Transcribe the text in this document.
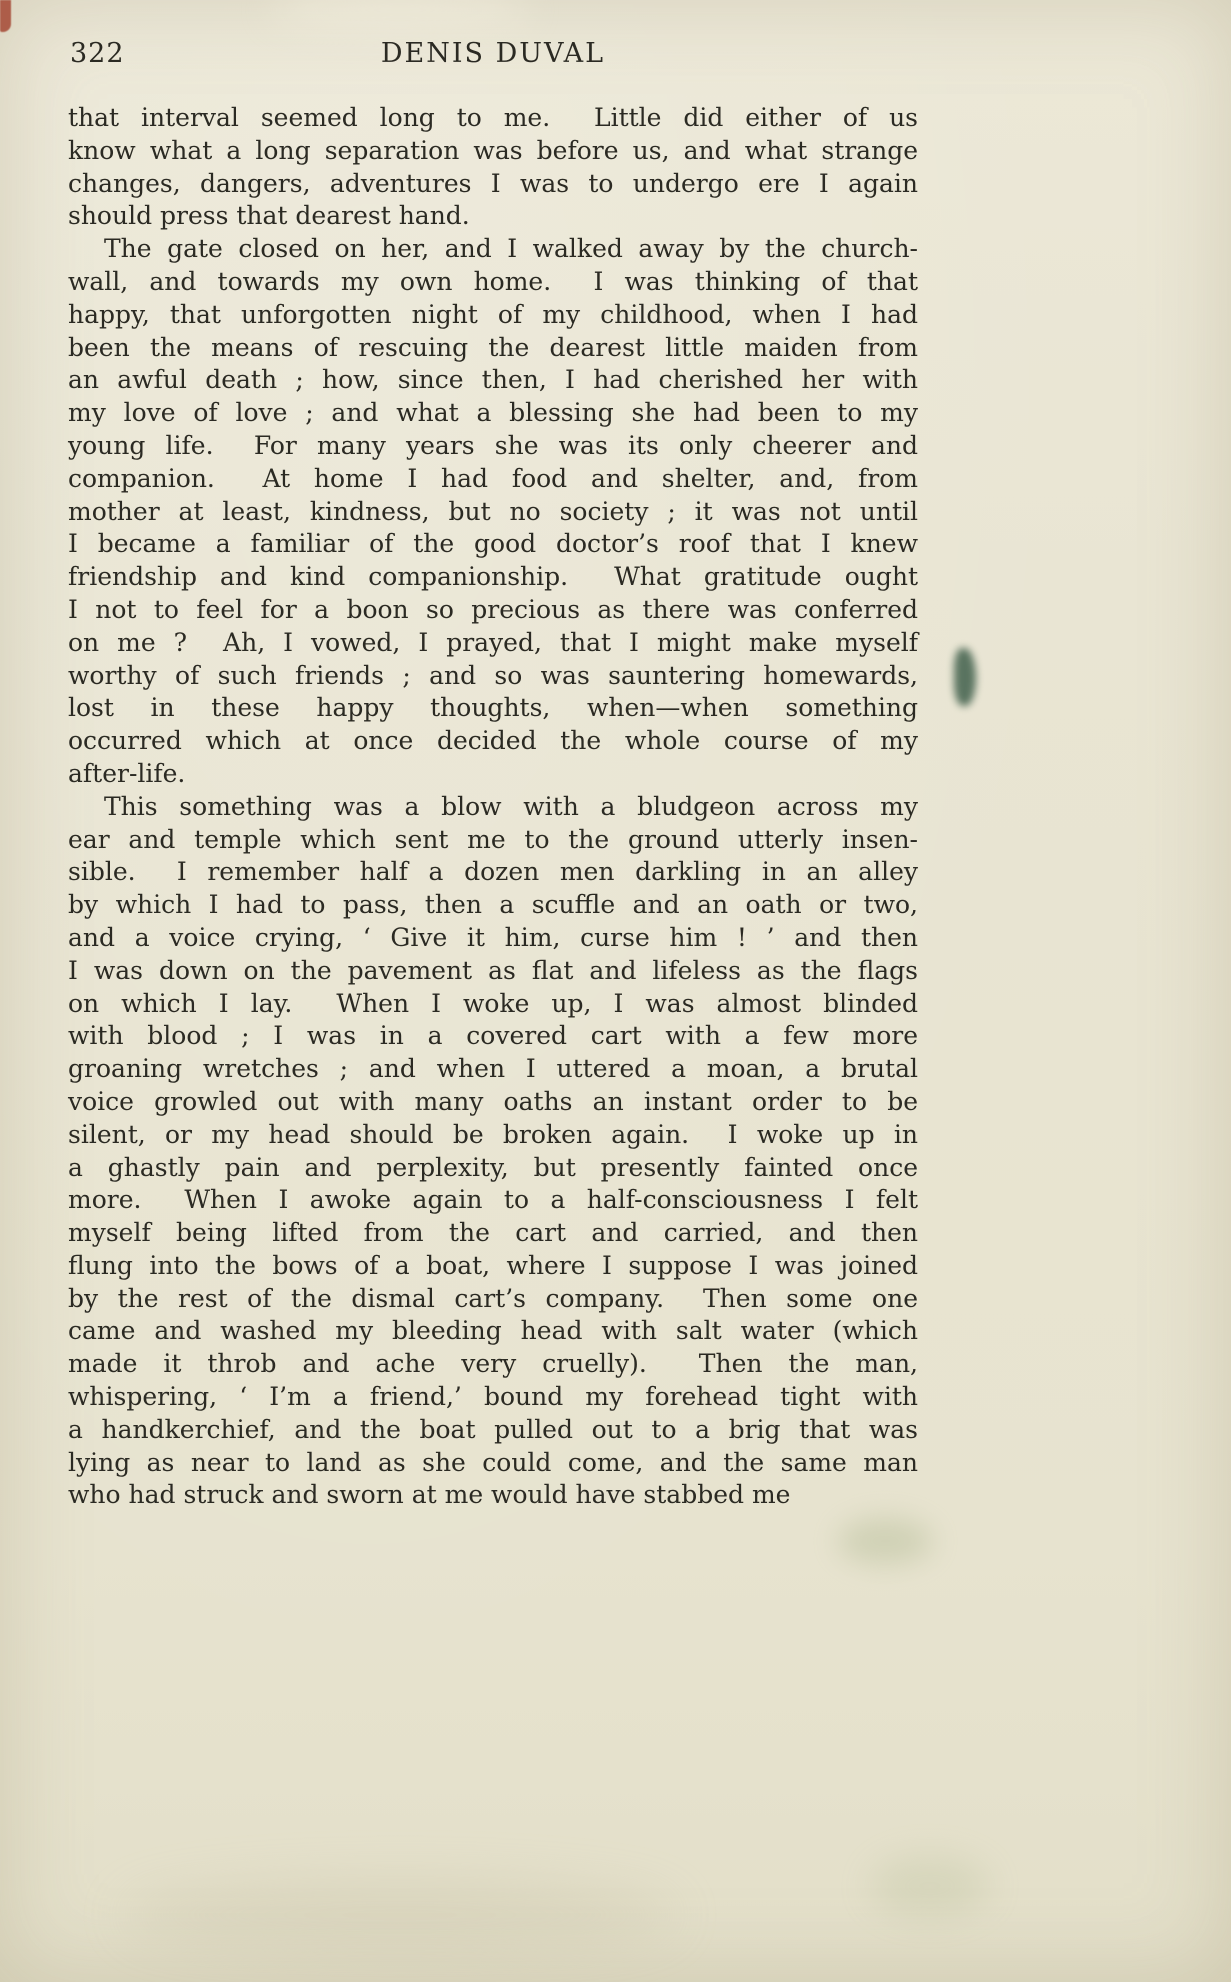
322	DENIS DUVAL
that interval seemed long to me.  Little did either of us
know what a long separation was before us, and what strange
changes, dangers, adventures I was to undergo ere I again
should press that dearest hand.
The gate closed on her, and I walked away by the church-
wall, and towards my own home.  I was thinking of that
happy, that unforgotten night of my childhood, when I had
been the means of rescuing the dearest little maiden from
an awful death ; how, since then, I had cherished her with
my love of love ; and what a blessing she had been to my
young life.  For many years she was its only cheerer and
companion.  At home I had food and shelter, and, from
mother at least, kindness, but no society ; it was not until
I became a familiar of the good doctor’s roof that I knew
friendship and kind companionship.  What gratitude ought
I not to feel for a boon so precious as there was conferred
on me ?  Ah, I vowed, I prayed, that I might make myself
worthy of such friends ; and so was sauntering homewards,
lost in these happy thoughts, when—when something
occurred which at once decided the whole course of my
after-life.
This something was a blow with a bludgeon across my
ear and temple which sent me to the ground utterly insen-
sible.  I remember half a dozen men darkling in an alley
by which I had to pass, then a scuffle and an oath or two,
and a voice crying, ‘ Give it him, curse him ! ’ and then
I was down on the pavement as flat and lifeless as the flags
on which I lay.  When I woke up, I was almost blinded
with blood ; I was in a covered cart with a few more
groaning wretches ; and when I uttered a moan, a brutal
voice growled out with many oaths an instant order to be
silent, or my head should be broken again.  I woke up in
a ghastly pain and perplexity, but presently fainted once
more.  When I awoke again to a half-consciousness I felt
myself being lifted from the cart and carried, and then
flung into the bows of a boat, where I suppose I was joined
by the rest of the dismal cart’s company.  Then some one
came and washed my bleeding head with salt water (which
made it throb and ache very cruelly).  Then the man,
whispering, ‘ I’m a friend,’ bound my forehead tight with
a handkerchief, and the boat pulled out to a brig that was
lying as near to land as she could come, and the same man
who had struck and sworn at me would have stabbed me
